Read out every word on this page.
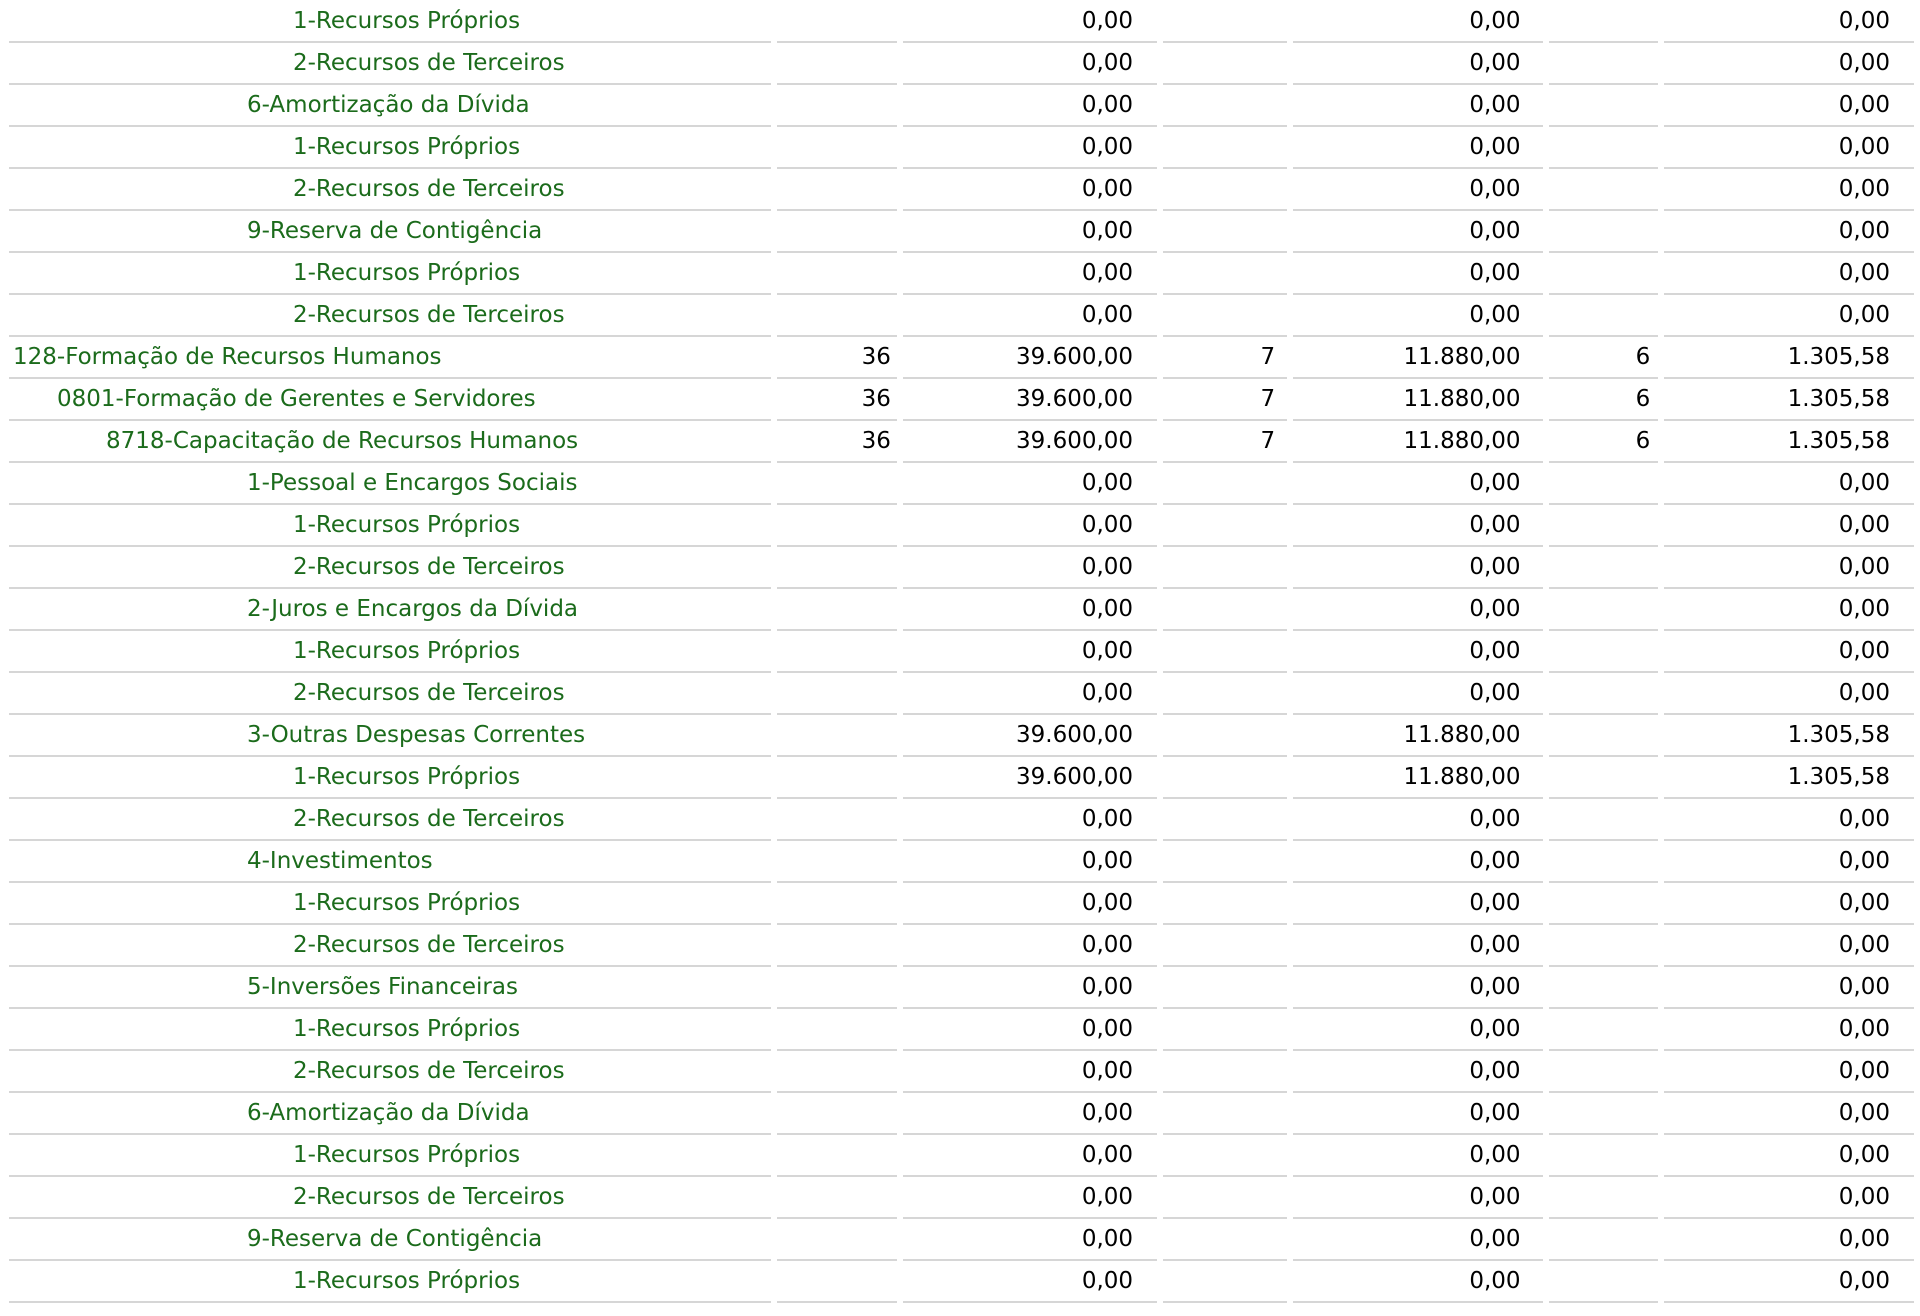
1-Recursos Próprios		0,00		0,00		0,00
2-Recursos de Terceiros		0,00		0,00		0,00
6-Amortização da Dívida		0,00		0,00		0,00
1-Recursos Próprios		0,00		0,00		0,00
2-Recursos de Terceiros		0,00		0,00		0,00
9-Reserva de Contigência		0,00		0,00		0,00
1-Recursos Próprios		0,00		0,00		0,00
2-Recursos de Terceiros		0,00		0,00		0,00
128-Formação de Recursos Humanos	36	39.600,00	7	11.880,00	6	1.305,58
0801-Formação de Gerentes e Servidores	36	39.600,00	7	11.880,00	6	1.305,58
8718-Capacitação de Recursos Humanos	36	39.600,00	7	11.880,00	6	1.305,58
1-Pessoal e Encargos Sociais		0,00		0,00		0,00
1-Recursos Próprios		0,00		0,00		0,00
2-Recursos de Terceiros		0,00		0,00		0,00
2-Juros e Encargos da Dívida		0,00		0,00		0,00
1-Recursos Próprios		0,00		0,00		0,00
2-Recursos de Terceiros		0,00		0,00		0,00
3-Outras Despesas Correntes		39.600,00		11.880,00		1.305,58
1-Recursos Próprios		39.600,00		11.880,00		1.305,58
2-Recursos de Terceiros		0,00		0,00		0,00
4-Investimentos		0,00		0,00		0,00
1-Recursos Próprios		0,00		0,00		0,00
2-Recursos de Terceiros		0,00		0,00		0,00
5-Inversões Financeiras		0,00		0,00		0,00
1-Recursos Próprios		0,00		0,00		0,00
2-Recursos de Terceiros		0,00		0,00		0,00
6-Amortização da Dívida		0,00		0,00		0,00
1-Recursos Próprios		0,00		0,00		0,00
2-Recursos de Terceiros		0,00		0,00		0,00
9-Reserva de Contigência		0,00		0,00		0,00
1-Recursos Próprios		0,00		0,00		0,00
